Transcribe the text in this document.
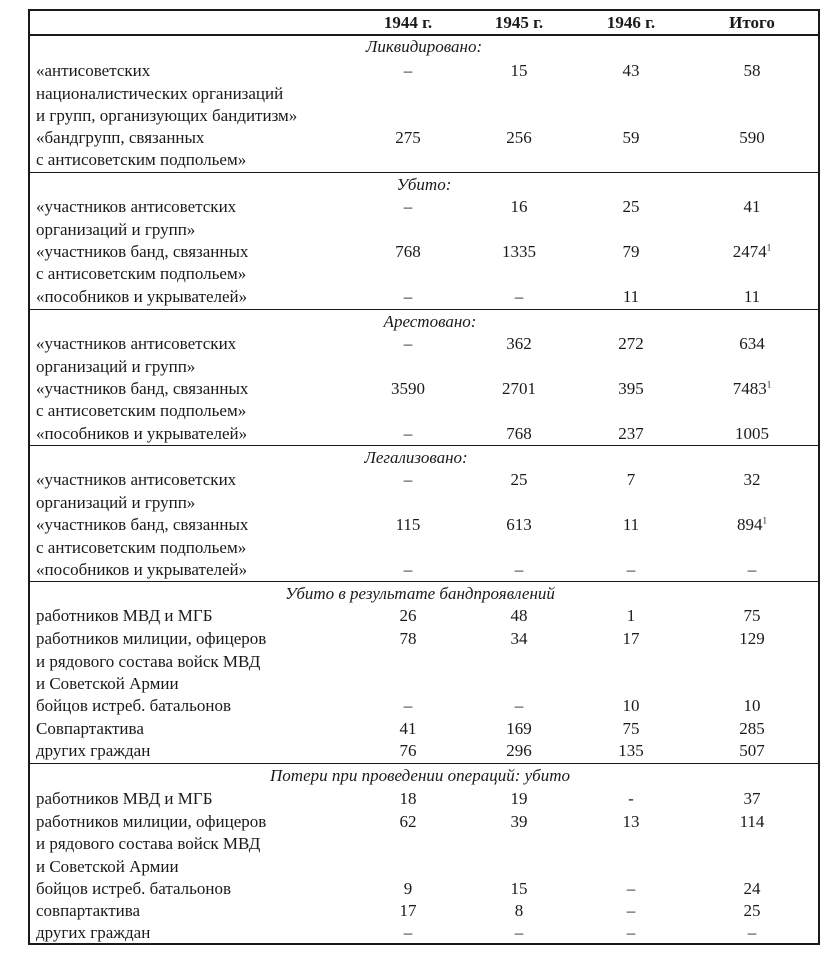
1944 г.	1945 г.	1946 г.	Итого
Ликвидировано:
«антисоветских
националистических организаций
и групп, организующих бандитизм»
–	15	43	58
«бандгрупп, связанных
с антисоветским подпольем»
275	256	59	590
Убито:
«участников антисоветских
организаций и групп»
–	16	25	41
«участников банд, связанных
с антисоветским подпольем»
768	1335	79	2474$^1$
«пособников и укрывателей»	–	–	11	11
Арестовано:
«участников антисоветских
организаций и групп»
–	362	272	634
«участников банд, связанных
с антисоветским подпольем»
3590	2701	395	7483$^1$
«пособников и укрывателей»	–	768	237	1005
Легализовано:
«участников антисоветских
организаций и групп»
–	25	7	32
«участников банд, связанных
с антисоветским подпольем»
115	613	11	$894^1$
«пособников и укрывателей»	–	–	–	–
Убито в результате бандпроявлений
работников МВД и МГБ	26	48	1	75
работников милиции, офицеров
и рядового состава войск МВД
и Советской Армии
78	34	17	129
бойцов истреб. батальонов	–	–	10	10
Совпартактива	41	169	75	285
других граждан	76	296	135	507
Потери при проведении операций: убито
работников МВД и МГБ	18	19	-	37
работников милиции, офицеров
и рядового состава войск МВД
и Советской Армии
62	39	13	114
бойцов истреб. батальонов	9	15	–	24
совпартактива	17	8	–	25
других граждан	–	–	–	–
